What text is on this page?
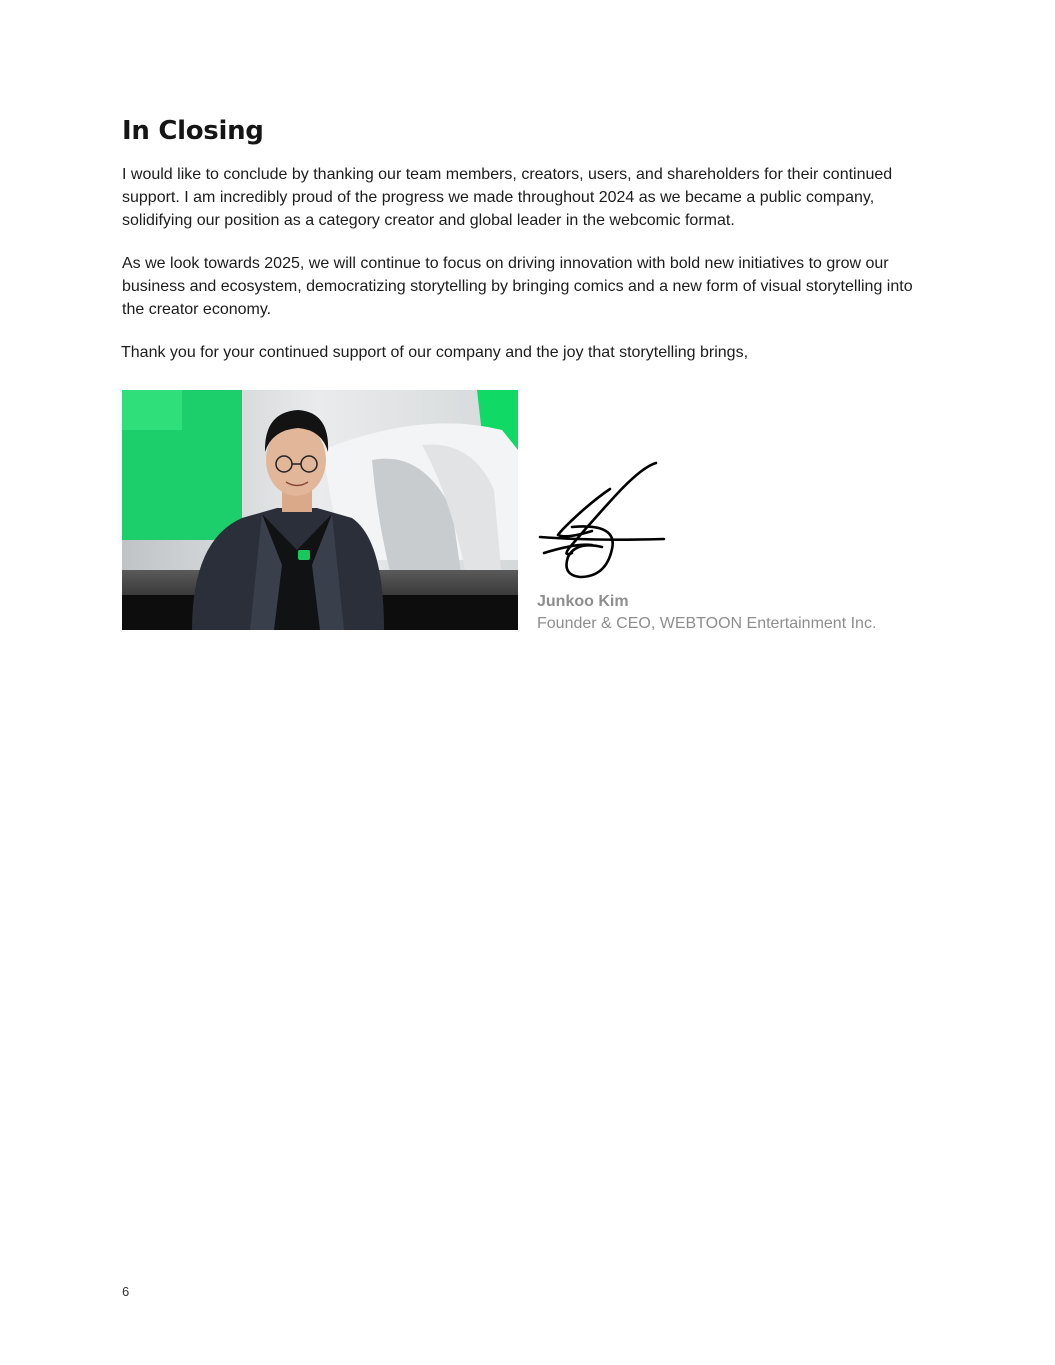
In Closing

I would like to conclude by thanking our team members, creators, users, and shareholders for their continued support. I am incredibly proud of the progress we made throughout 2024 as we became a public company, solidifying our position as a category creator and global leader in the webcomic format.

As we look towards 2025, we will continue to focus on driving innovation with bold new initiatives to grow our business and ecosystem, democratizing storytelling by bringing comics and a new form of visual storytelling into the creator economy.

Thank you for your continued support of our company and the joy that storytelling brings,

Junkoo Kim

Founder & CEO, WEBTOON Entertainment Inc.

6
